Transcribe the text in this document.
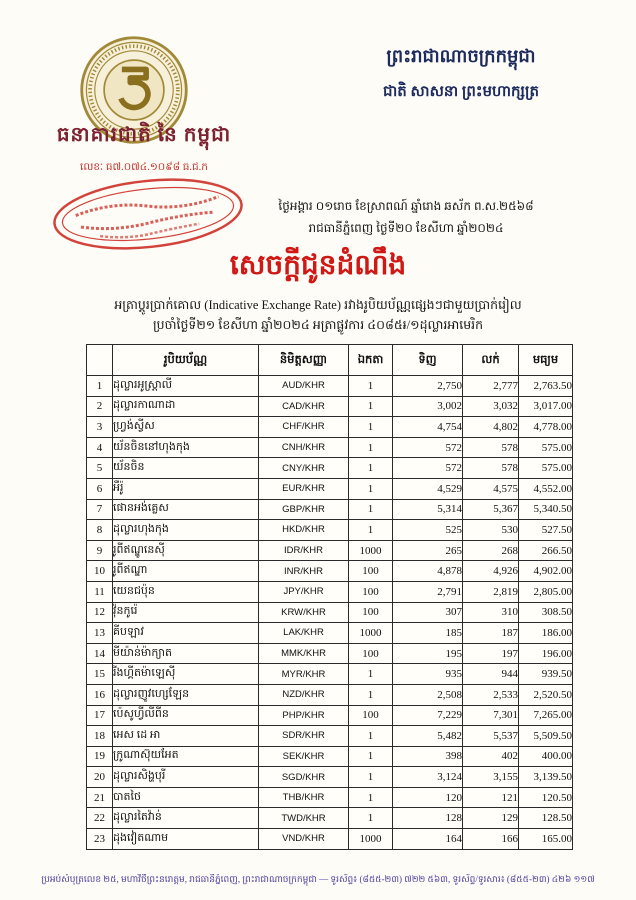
ធនាគារជាតិ នៃ កម្ពុជា
លេខៈ ធ៧.០៧៤.១០៩៨ ធ.ជ.ក
ព្រះរាជាណាចក្រកម្ពុជា
ជាតិ សាសនា ព្រះមហាក្សត្រ
ថ្ងៃអង្គារ ០១រោច ខែស្រាពណ៍ ឆ្នាំរោង ឆស័ក ព.ស.២៥៦៨
រាជធានីភ្នំពេញ ថ្ងៃទី២០ ខែសីហា ឆ្នាំ២០២៤
សេចក្តីជូនដំណឹង
អត្រាប្តូរប្រាក់គោល (Indicative Exchange Rate) រវាងរូបិយប័ណ្ណផ្សេងៗជាមួយប្រាក់រៀល
ប្រចាំថ្ងៃទី២១ ខែសីហា ឆ្នាំ២០២៤ អត្រាផ្លូវការ ៤០៨៥៛/១ដុល្លារអាមេរិក
	រូបិយប័ណ្ណ	និមិត្តសញ្ញា	ឯកតា	ទិញ	លក់	មធ្យម
1	ដុល្លារអូស្ត្រាលី	AUD/KHR	1	2,750	2,777	2,763.50
2	ដុល្លារកាណាដា	CAD/KHR	1	3,002	3,032	3,017.00
3	ហ្វ្រង់ស្វីស	CHF/KHR	1	4,754	4,802	4,778.00
4	យ័នចិននៅហុងកុង	CNH/KHR	1	572	578	575.00
5	យ័នចិន	CNY/KHR	1	572	578	575.00
6	អឺរ៉ូ	EUR/KHR	1	4,529	4,575	4,552.00
7	ផោនអង់គ្លេស	GBP/KHR	1	5,314	5,367	5,340.50
8	ដុល្លារហុងកុង	HKD/KHR	1	525	530	527.50
9	រូពីឥណ្ឌូនេស៊ី	IDR/KHR	1000	265	268	266.50
10	រូពីឥណ្ឌា	INR/KHR	100	4,878	4,926	4,902.00
11	យេនជប៉ុន	JPY/KHR	100	2,791	2,819	2,805.00
12	វ៉ុនកូរ៉េ	KRW/KHR	100	307	310	308.50
13	គីបឡាវ	LAK/KHR	1000	185	187	186.00
14	មីយ៉ាន់ម៉ាក្យាត	MMK/KHR	100	195	197	196.00
15	រីងហ្គីតម៉ាឡេស៊ី	MYR/KHR	1	935	944	939.50
16	ដុល្លារញូវហ្សេឡែន	NZD/KHR	1	2,508	2,533	2,520.50
17	ប៉េសូហ្វីលីពីន	PHP/KHR	100	7,229	7,301	7,265.00
18	អេស ដេ អា	SDR/KHR	1	5,482	5,537	5,509.50
19	ក្រូណាស៊ុយអែត	SEK/KHR	1	398	402	400.00
20	ដុល្លារសិង្ហបុរី	SGD/KHR	1	3,124	3,155	3,139.50
21	បាតថៃ	THB/KHR	1	120	121	120.50
22	ដុល្លារតៃវ៉ាន់	TWD/KHR	1	128	129	128.50
23	ដុងវៀតណាម	VND/KHR	1000	164	166	165.00
ប្រអប់សំបុត្រលេខ ២៥, មហាវិថីព្រះនរោត្តម, រាជធានីភ្នំពេញ, ព្រះរាជាណាចក្រកម្ពុជា — ទូរស័ព្ទ៖ (៨៥៥-២៣) ៧២២ ៥៦៣, ទូរស័ព្ទ/ទូរសារ៖ (៨៥៥-២៣) ៤២៦ ១១៧
